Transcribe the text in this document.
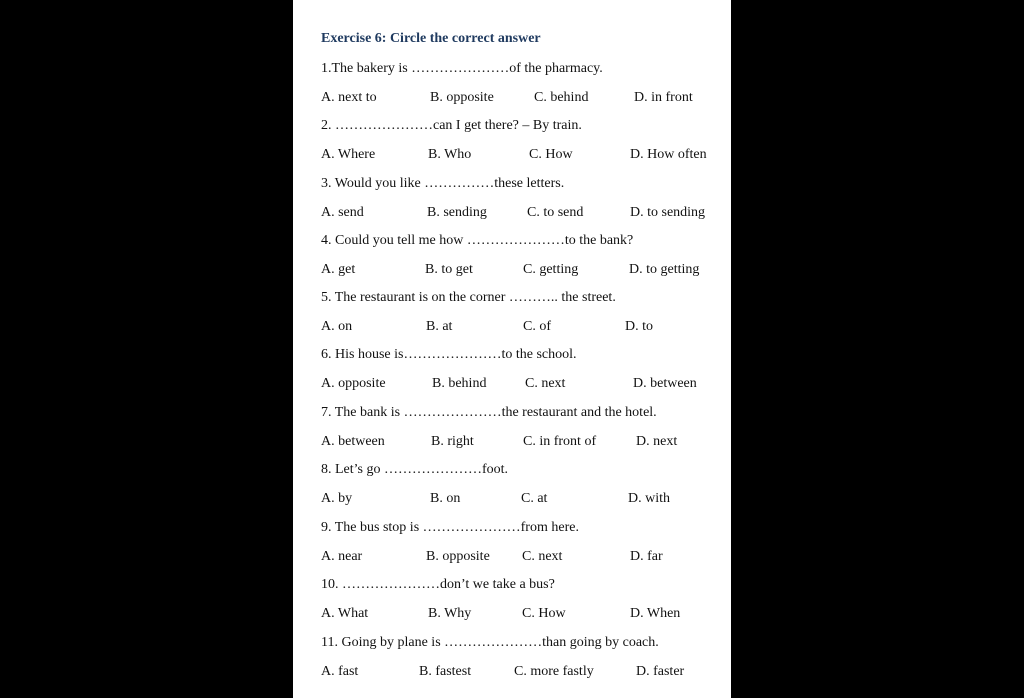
Exercise 6: Circle the correct answer
1.The bakery is …………………of the pharmacy.
A. next to	B. opposite	C. behind	D. in front
2. …………………can I get there? – By train.
A. Where	B. Who	C. How	D. How often
3. Would you like ……………these letters.
A. send	B. sending	C. to send	D. to sending
4. Could you tell me how …………………to the bank?
A. get	B. to get	C. getting	D. to getting
5. The restaurant is on the corner ……….. the street.
A. on	B. at	C. of	D. to
6. His house is…………………to the school.
A. opposite	B. behind	C. next	D. between
7. The bank is …………………the restaurant and the hotel.
A. between	B. right	C. in front of	D. next
8. Let’s go …………………foot.
A. by	B. on	C. at	D. with
9. The bus stop is …………………from here.
A. near	B. opposite C. next	D. far
10. …………………don’t we take a bus?
A. What	B. Why	C. How	D. When
11. Going by plane is …………………than going by coach.
A. fast	B. fastest	C. more fastly	D. faster
